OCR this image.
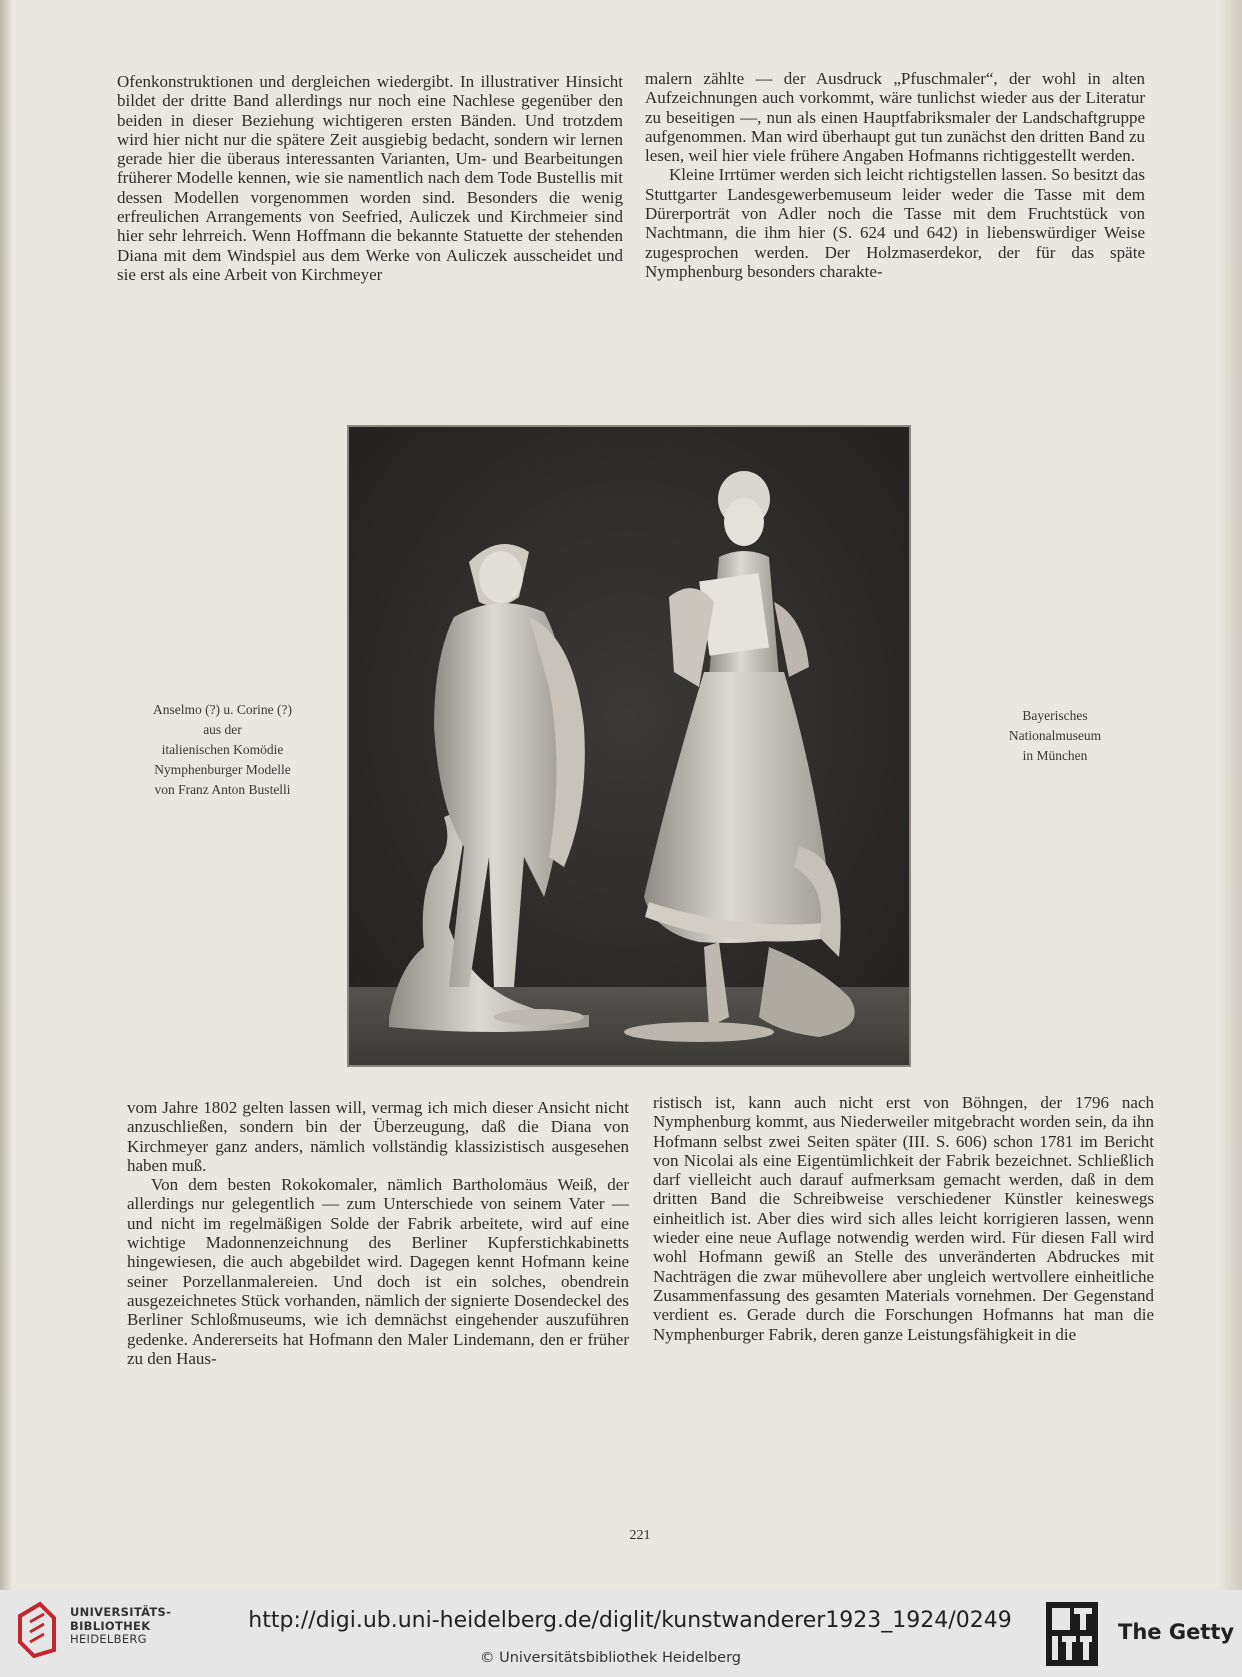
Ofenkonstruktionen und dergleichen wiedergibt. In illustrativer Hinsicht bildet der dritte Band allerdings nur noch eine Nachlese gegenüber den beiden in dieser Beziehung wichtigeren ersten Bänden. Und trotzdem wird hier nicht nur die spätere Zeit ausgiebig bedacht, sondern wir lernen gerade hier die überaus interessanten Varianten, Um- und Bearbeitungen früherer Modelle kennen, wie sie namentlich nach dem Tode Bustellis mit dessen Modellen vorgenommen worden sind. Besonders die wenig erfreulichen Arrangements von Seefried, Auliczek und Kirchmeier sind hier sehr lehrreich. Wenn Hoffmann die bekannte Statuette der stehenden Diana mit dem Windspiel aus dem Werke von Auliczek ausscheidet und sie erst als eine Arbeit von Kirchmeyer

malern zählte — der Ausdruck „Pfuschmaler“, der wohl in alten Aufzeichnungen auch vorkommt, wäre tunlichst wieder aus der Literatur zu beseitigen —, nun als einen Hauptfabriksmaler der Landschaftgruppe aufgenommen. Man wird überhaupt gut tun zunächst den dritten Band zu lesen, weil hier viele frühere Angaben Hofmanns richtiggestellt werden.

Kleine Irrtümer werden sich leicht richtigstellen lassen. So besitzt das Stuttgarter Landesgewerbemuseum leider weder die Tasse mit dem Dürerporträt von Adler noch die Tasse mit dem Fruchtstück von Nachtmann, die ihm hier (S. 624 und 642) in liebenswürdiger Weise zugesprochen werden. Der Holzmaserdekor, der für das späte Nymphenburg besonders charakte-

Anselmo (?) u. Corine (?)
aus der
italienischen Komödie
Nymphenburger Modelle
von Franz Anton Bustelli
Bayerisches
Nationalmuseum
in München

vom Jahre 1802 gelten lassen will, vermag ich mich dieser Ansicht nicht anzuschließen, sondern bin der Überzeugung, daß die Diana von Kirchmeyer ganz anders, nämlich vollständig klassizistisch ausgesehen haben muß.

Von dem besten Rokokomaler, nämlich Bartholomäus Weiß, der allerdings nur gelegentlich — zum Unterschiede von seinem Vater — und nicht im regelmäßigen Solde der Fabrik arbeitete, wird auf eine wichtige Madonnenzeichnung des Berliner Kupferstichkabinetts hingewiesen, die auch abgebildet wird. Dagegen kennt Hofmann keine seiner Porzellanmalereien. Und doch ist ein solches, obendrein ausgezeichnetes Stück vorhanden, nämlich der signierte Dosendeckel des Berliner Schloßmuseums, wie ich demnächst eingehender auszuführen gedenke. Andererseits hat Hofmann den Maler Lindemann, den er früher zu den Haus-

ristisch ist, kann auch nicht erst von Böhngen, der 1796 nach Nymphenburg kommt, aus Niederweiler mitgebracht worden sein, da ihn Hofmann selbst zwei Seiten später (III. S. 606) schon 1781 im Bericht von Nicolai als eine Eigentümlichkeit der Fabrik bezeichnet. Schließlich darf vielleicht auch darauf aufmerksam gemacht werden, daß in dem dritten Band die Schreibweise verschiedener Künstler keineswegs einheitlich ist. Aber dies wird sich alles leicht korrigieren lassen, wenn wieder eine neue Auflage notwendig werden wird. Für diesen Fall wird wohl Hofmann gewiß an Stelle des unveränderten Abdruckes mit Nachträgen die zwar mühevollere aber ungleich wertvollere einheitliche Zusammenfassung des gesamten Materials vornehmen. Der Gegenstand verdient es. Gerade durch die Forschungen Hofmanns hat man die Nymphenburger Fabrik, deren ganze Leistungsfähigkeit in die

221
UNIVERSITÄTS-
BIBLIOTHEK
HEIDELBERG
http://digi.ub.uni-heidelberg.de/diglit/kunstwanderer1923_1924/0249
© Universitätsbibliothek Heidelberg
The Getty
